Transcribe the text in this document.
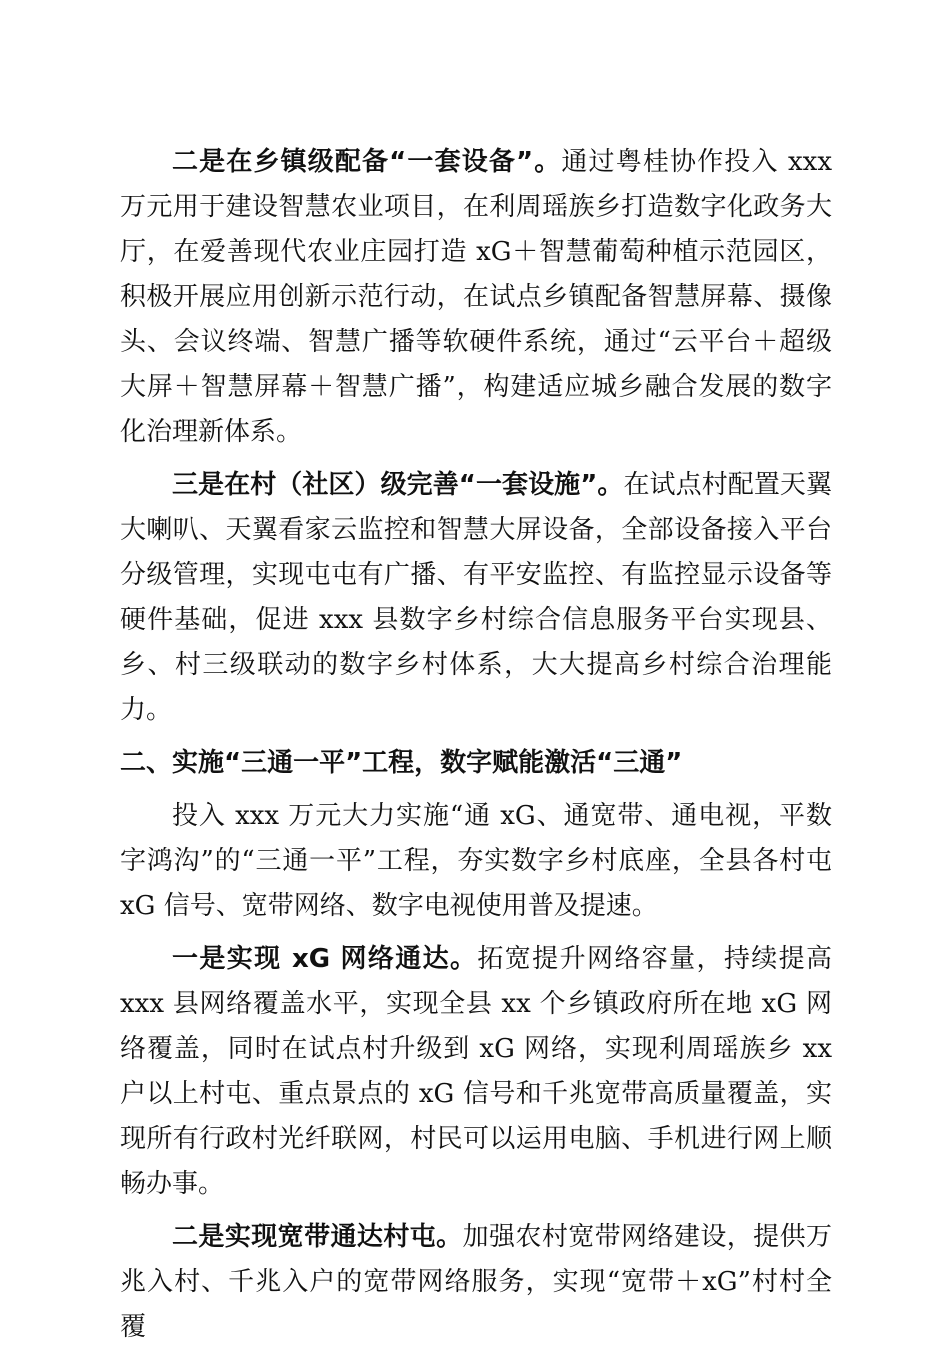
二是在乡镇级配备“一套设备”。通过粤桂协作投入 xxx 万元用于建设智慧农业项目，在利周瑶族乡打造数字化政务大厅，在爱善现代农业庄园打造 xG＋智慧葡萄种植示范园区，积极开展应用创新示范行动，在试点乡镇配备智慧屏幕、摄像头、会议终端、智慧广播等软硬件系统，通过“云平台＋超级大屏＋智慧屏幕＋智慧广播”，构建适应城乡融合发展的数字化治理新体系。

三是在村（社区）级完善“一套设施”。在试点村配置天翼大喇叭、天翼看家云监控和智慧大屏设备，全部设备接入平台分级管理，实现屯屯有广播、有平安监控、有监控显示设备等硬件基础，促进 xxx 县数字乡村综合信息服务平台实现县、乡、村三级联动的数字乡村体系，大大提高乡村综合治理能力。

二、实施“三通一平”工程，数字赋能激活“三通”

投入 xxx 万元大力实施“通 xG、通宽带、通电视，平数字鸿沟”的“三通一平”工程，夯实数字乡村底座，全县各村屯 xG 信号、宽带网络、数字电视使用普及提速。

一是实现 xG 网络通达。拓宽提升网络容量，持续提高 xxx 县网络覆盖水平，实现全县 xx 个乡镇政府所在地 xG 网络覆盖，同时在试点村升级到 xG 网络，实现利周瑶族乡 xx 户以上村屯、重点景点的 xG 信号和千兆宽带高质量覆盖，实现所有行政村光纤联网，村民可以运用电脑、手机进行网上顺畅办事。

二是实现宽带通达村屯。加强农村宽带网络建设，提供万兆入村、千兆入户的宽带网络服务，实现“宽带＋xG”村村全覆
